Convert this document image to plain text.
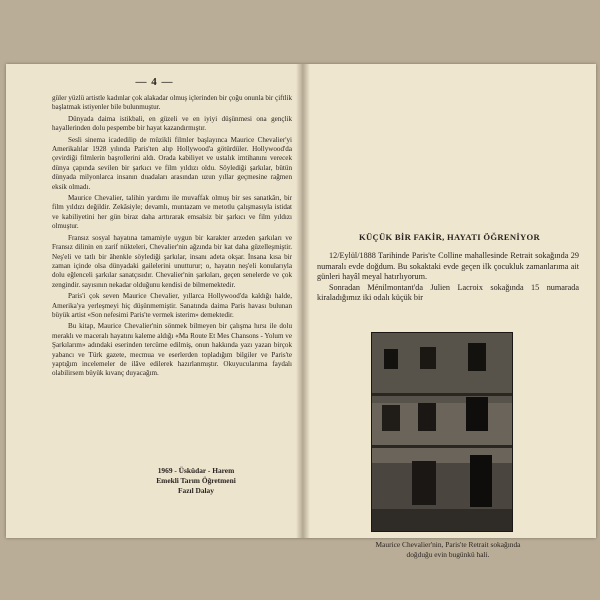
— 4 —

güler yüzlü artistle kadınlar çok alakadar olmuş içlerinden bir çoğu onunla bir çiftlik başlatmak istiyenler bile bulunmuştur.

Dünyada daima istikbali, en güzeli ve en iyiyi düşünmesi ona gençlik hayallerinden dolu pespembe bir hayat kazandırmıştır.

Sesli sinema icadedilip de müzikli filmler başlayınca Maurice Chevalier'yi Amerikalılar 1928 yılında Paris'ten alıp Hollywood'a götürdüler. Hollywood'da çevirdiği filmlerin başrollerini aldı. Orada kabiliyet ve ustalık imtihanını verecek dünya çapında sevilen bir şarkıcı ve film yıldızı oldu. Söylediği şarkılar, bütün dünyada milyonlarca insanın duadaları arasından uzun yıllar geçmesine rağmen eksik olmadı.

Maurice Chevalier, talihin yardımı ile muvaffak olmuş bir ses sanatkârı, bir film yıldızı değildir. Zekâsiyle; devamlı, muntazam ve metotlu çalışmasıyla istidat ve kabiliyetini her gün biraz daha arttırarak emsalsiz bir şarkıcı ve film yıldızı olmuştur.

Fransız sosyal hayatına tamamiyle uygun bir karakter arzeden şarkıları ve Fransız dilinin en zarif nükteleri, Chevalier'nin ağzında bir kat daha güzelleşmiştir. Neş'eli ve tatlı bir âhenkle söylediği şarkılar, insanı adeta okşar. İnsana kısa bir zaman içinde olsa dünyadaki gailelerini unutturur; o, hayatın neş'eli konularıyla dolu eğlenceli şarkılar sanatçısıdır. Chevalier'nin şarkıları, geçen senelerde ve çok zengindir. sayısının nekadar olduğunu kendisi de bilmemektedir.

Paris'i çok seven Maurice Chevalier, yıllarca Hollywood'da kaldığı halde, Amerika'ya yerleşmeyi hiç düşünmemiştir. Sanatında daima Paris havası bulunan büyük artist «Son nefesimi Paris'te vermek isterim» demektedir.

Bu kitap, Maurice Chevalier'nin sönmek bilmeyen bir çalışma hırsı ile dolu meraklı ve maceralı hayatını kaleme aldığı «Ma Route Et Mes Chansons - Yolum ve Şarkılarım» adındaki eserinden tercüme edilmiş, onun hakkında yazı yazan birçok yabancı ve Türk gazete, mecmua ve eserlerden topladığım bilgiler ve Paris'te yaptığım incelemeler de ilâve edilerek hazırlanmıştır. Okuyucularıma faydalı olabilirsem büyük kıvanç duyacağım.

1969 - Üsküdar - Harem
Emekli Tarım Öğretmeni
Fazıl Dalay
KÜÇÜK BİR FAKİR, HAYATI ÖĞRENİYOR

12/Eylül/1888 Tarihinde Paris'te Colline mahallesinde Retrait sokağında 29 numaralı evde doğdum. Bu sokaktaki evde geçen ilk çocukluk zamanlarıma ait günleri hayâl meyal hatırlıyorum.

Sonradan Ménilmontant'da Julien Lacroix sokağında 15 numarada kiraladığımız iki odalı küçük bir

Maurice Chevalier'nin, Paris'te Retrait sokağında
doğduğu evin bugünkü hali.
